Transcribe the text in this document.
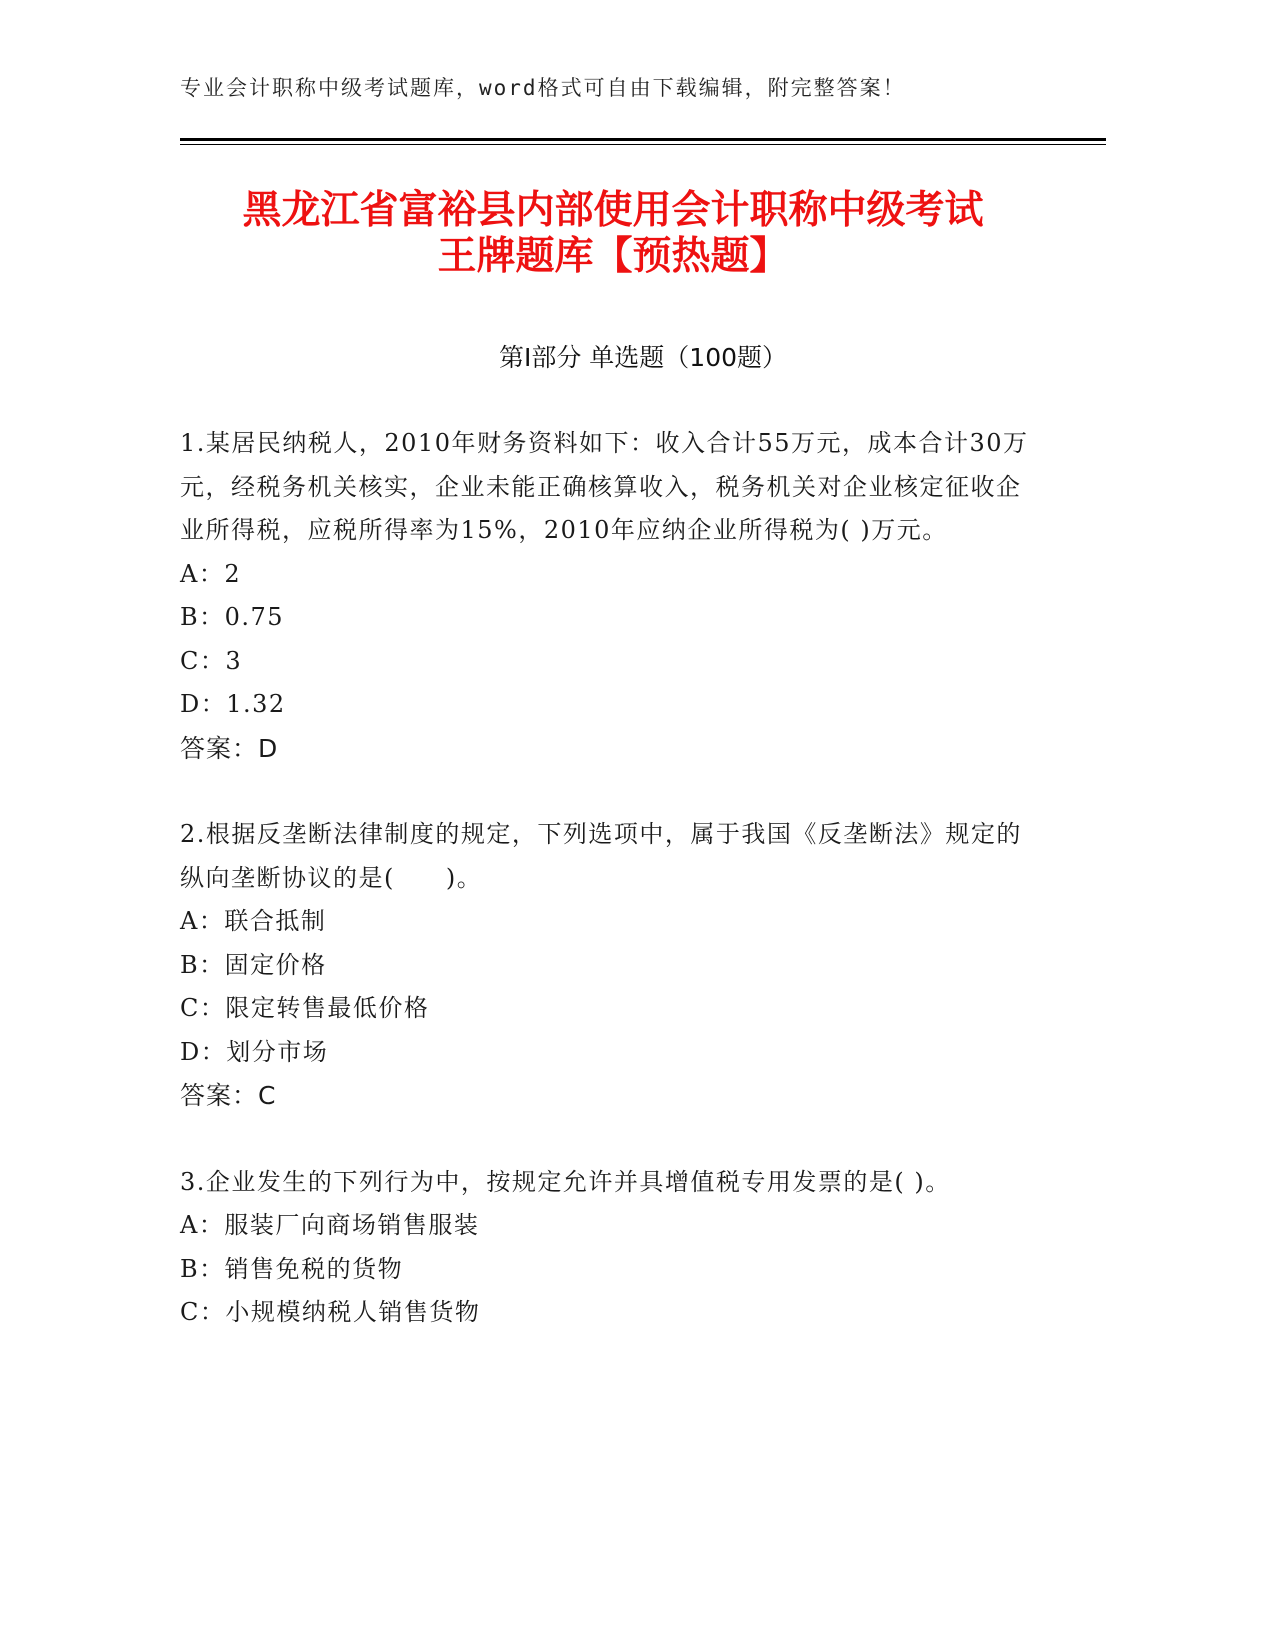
专业会计职称中级考试题库，word格式可自由下载编辑，附完整答案！
黑龙江省富裕县内部使用会计职称中级考试
王牌题库【预热题】
第Ⅰ部分 单选题（100题）

1.某居民纳税人，2010年财务资料如下：收入合计55万元，成本合计30万元，经税务机关核实，企业未能正确核算收入，税务机关对企业核定征收企业所得税，应税所得率为15%，2010年应纳企业所得税为( )万元。

A：2

B：0.75

C：3

D：1.32

答案：D

2.根据反垄断法律制度的规定，下列选项中，属于我国《反垄断法》规定的纵向垄断协议的是(　　)。

A：联合抵制

B：固定价格

C：限定转售最低价格

D：划分市场

答案：C

3.企业发生的下列行为中，按规定允许并具增值税专用发票的是( )。

A：服装厂向商场销售服装

B：销售免税的货物

C：小规模纳税人销售货物
